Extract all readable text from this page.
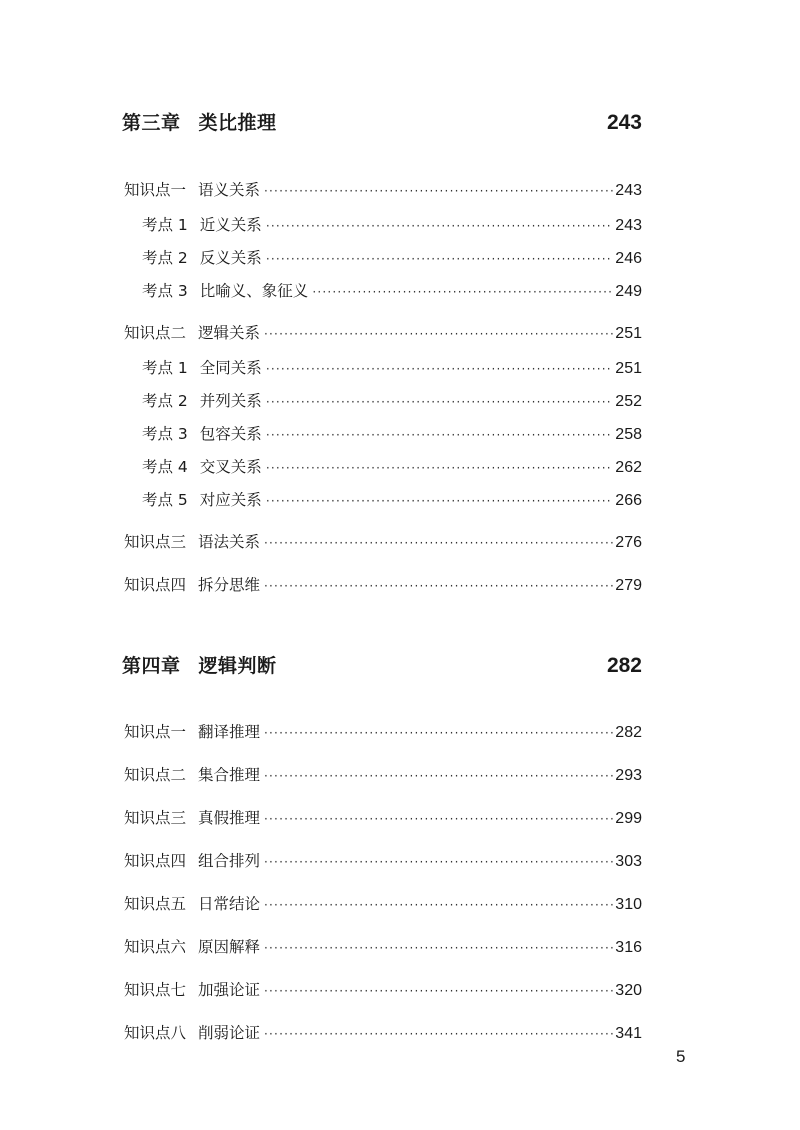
第三章 类比推理	243
知识点一 语义关系 ·····	243
考点 1 近义关系 ·····	243
考点 2 反义关系 ·····	246
考点 3 比喻义、象征义 ·····	249
知识点二 逻辑关系 ·····	251
考点 1 全同关系 ·····	251
考点 2 并列关系 ·····	252
考点 3 包容关系 ·····	258
考点 4 交叉关系 ·····	262
考点 5 对应关系 ·····	266
知识点三 语法关系 ·····	276
知识点四 拆分思维 ·····	279
第四章 逻辑判断	282
知识点一 翻译推理 ·····	282
知识点二 集合推理 ·····	293
知识点三 真假推理 ·····	299
知识点四 组合排列 ·····	303
知识点五 日常结论 ·····	310
知识点六 原因解释 ·····	316
知识点七 加强论证 ·····	320
知识点八 削弱论证 ·····	341
5
